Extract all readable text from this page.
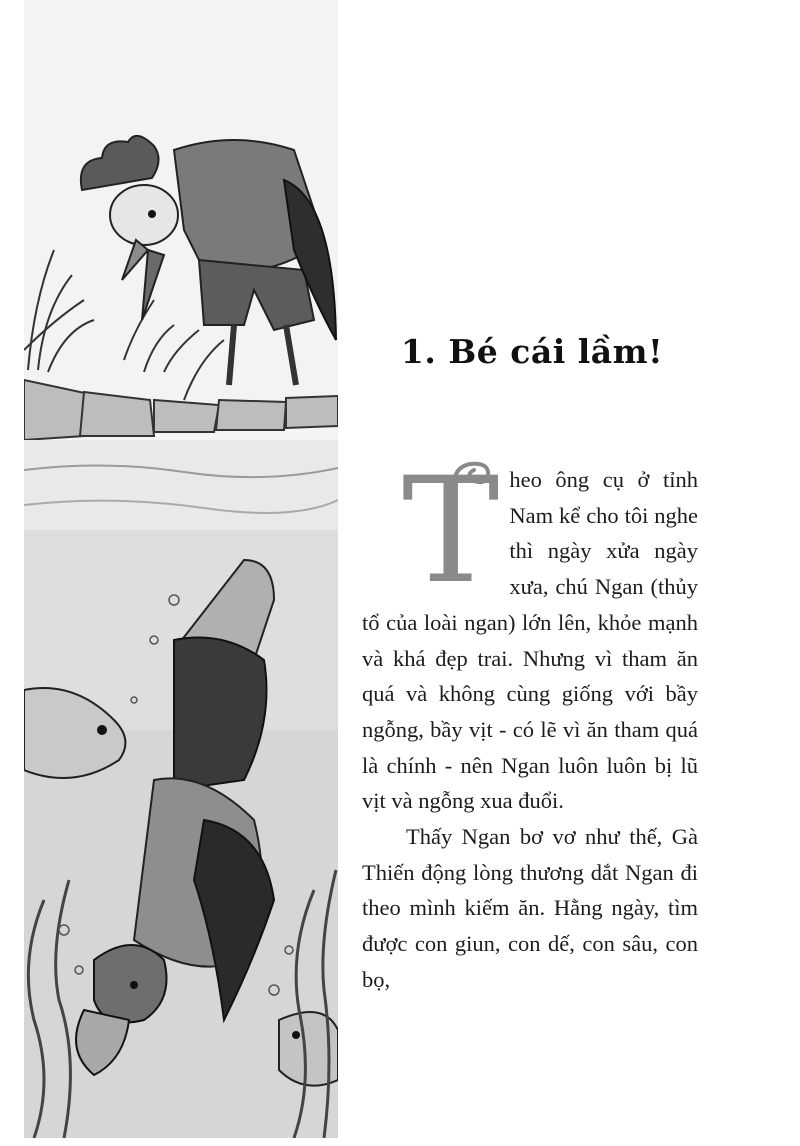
1. Bé cái lầm!

Theo ông cụ ở tỉnh Nam kể cho tôi nghe thì ngày xửa ngày xưa, chú Ngan (thủy tổ của loài ngan) lớn lên, khỏe mạnh và khá đẹp trai. Nhưng vì tham ăn quá và không cùng giống với bầy ngỗng, bầy vịt - có lẽ vì ăn tham quá là chính - nên Ngan luôn luôn bị lũ vịt và ngỗng xua đuổi.

Thấy Ngan bơ vơ như thế, Gà Thiến động lòng thương dắt Ngan đi theo mình kiếm ăn. Hằng ngày, tìm được con giun, con dế, con sâu, con bọ,
